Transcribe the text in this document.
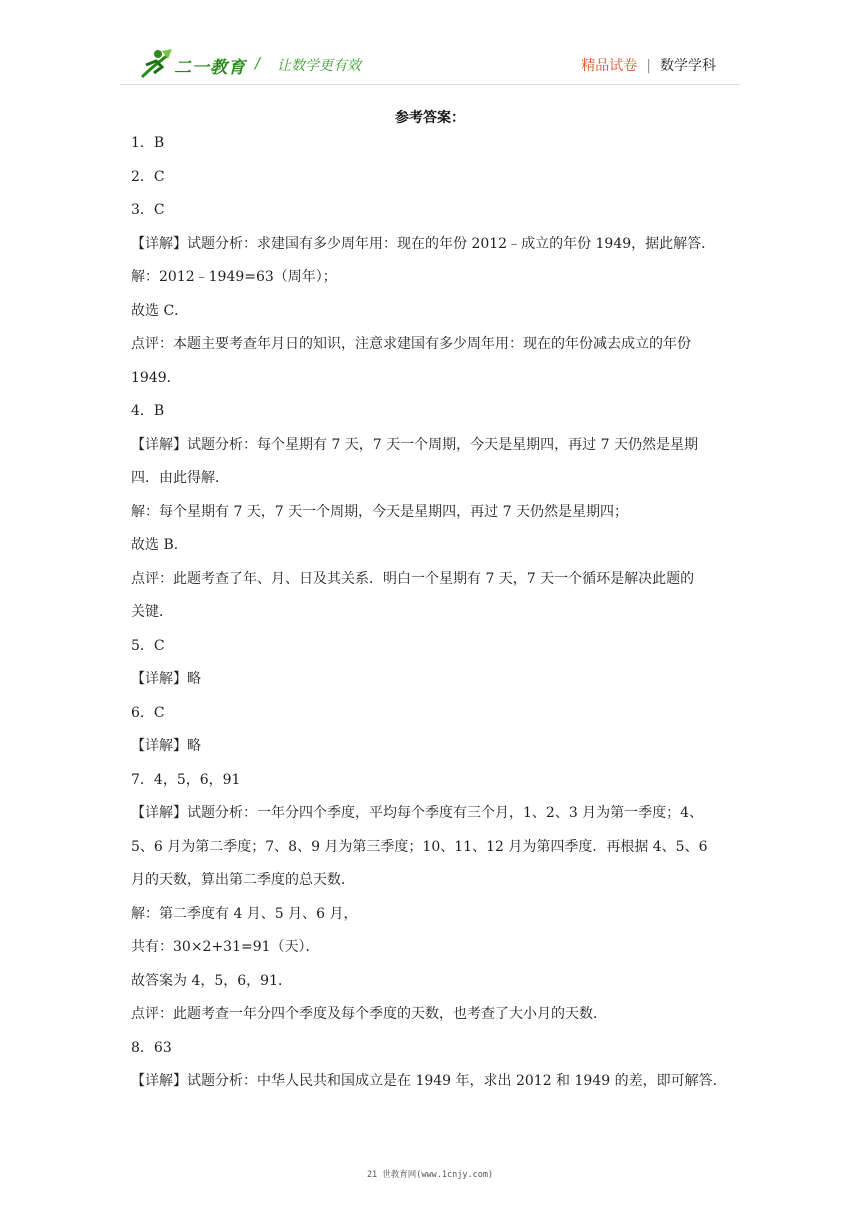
二一教育 / 让数学更有效	精品试卷 | 数学学科
参考答案：
1．B
2．C
3．C
【详解】试题分析：求建国有多少周年用：现在的年份 2012﹣成立的年份 1949，据此解答．
解：2012﹣1949=63（周年）；
故选 C．
点评：本题主要考查年月日的知识，注意求建国有多少周年用：现在的年份减去成立的年份
1949．
4．B
【详解】试题分析：每个星期有 7 天，7 天一个周期，今天是星期四，再过 7 天仍然是星期
四．由此得解．
解：每个星期有 7 天，7 天一个周期，今天是星期四，再过 7 天仍然是星期四；
故选 B．
点评：此题考查了年、月、日及其关系．明白一个星期有 7 天，7 天一个循环是解决此题的
关键．
5．C
【详解】略
6．C
【详解】略
7．4，5，6，91
【详解】试题分析：一年分四个季度，平均每个季度有三个月，1、2、3 月为第一季度；4、
5、6 月为第二季度；7、8、9 月为第三季度；10、11、12 月为第四季度．再根据 4、5、6
月的天数，算出第二季度的总天数．
解：第二季度有 4 月、5 月、6 月，
共有：30×2+31=91（天）．
故答案为 4，5，6，91．
点评：此题考查一年分四个季度及每个季度的天数，也考查了大小月的天数．
8．63
【详解】试题分析：中华人民共和国成立是在 1949 年，求出 2012 和 1949 的差，即可解答．
21 世教育网(www.1cnjy.com)
